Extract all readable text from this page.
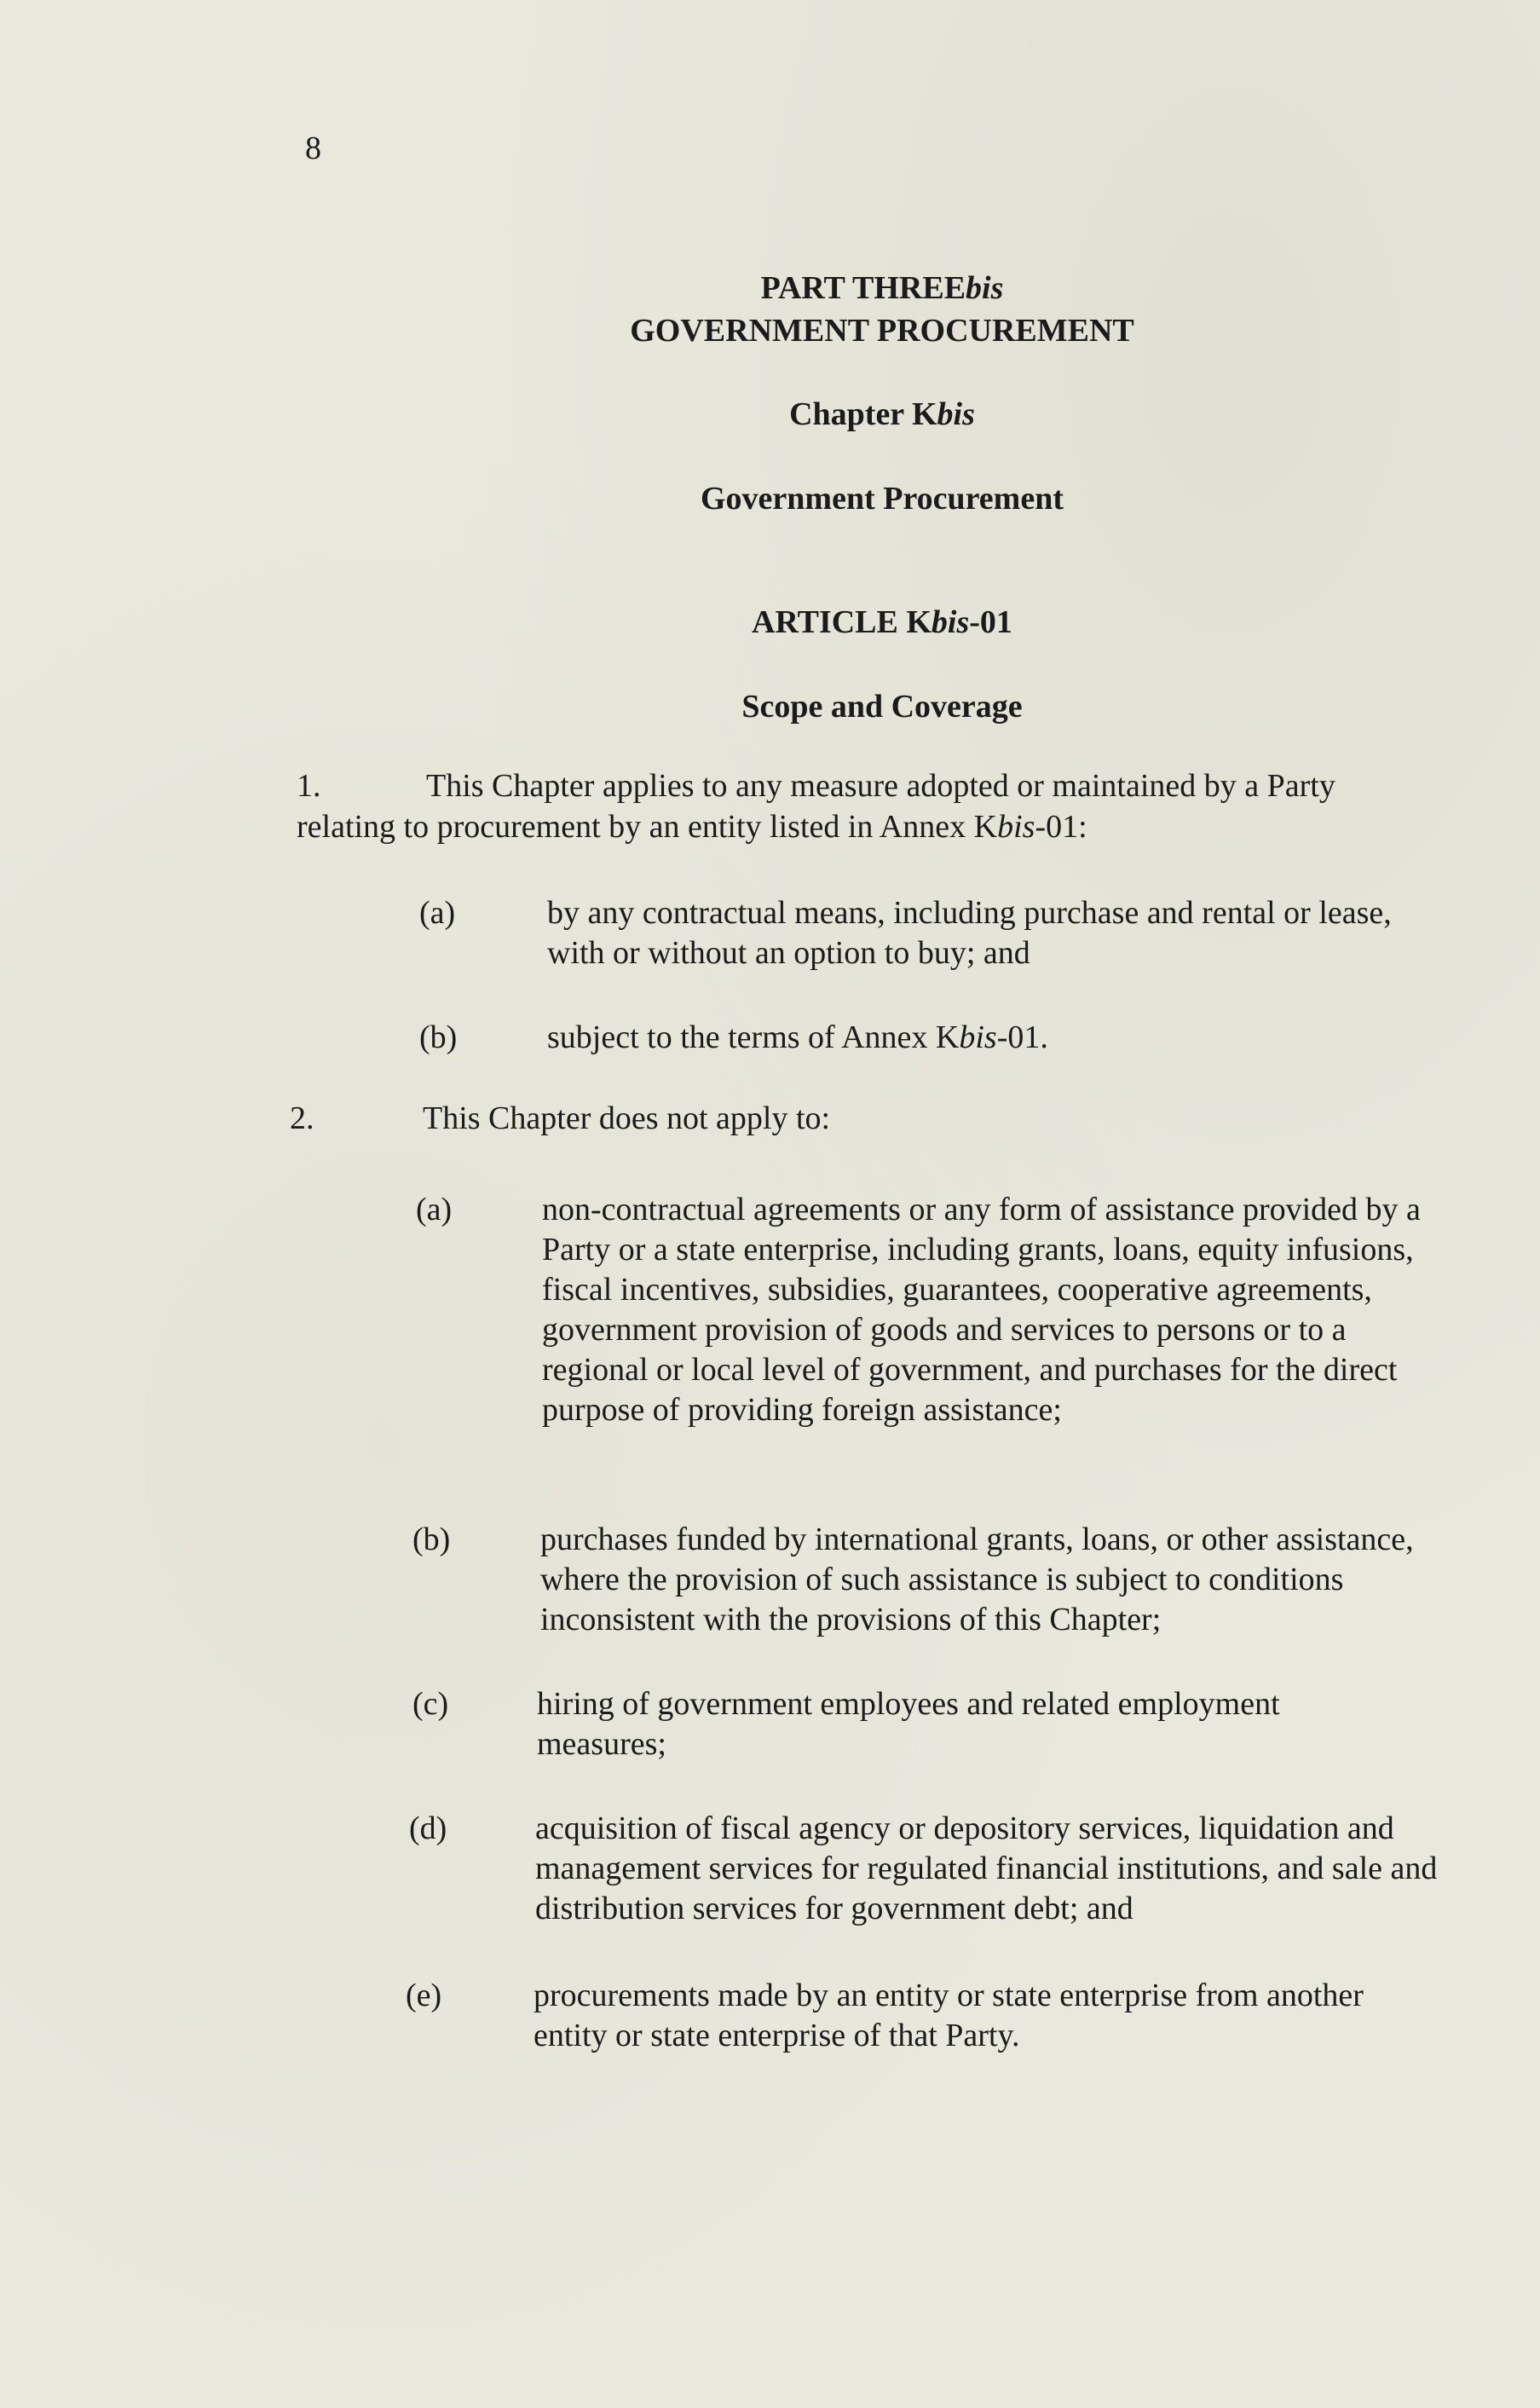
8
PART THREEbis
GOVERNMENT PROCUREMENT
Chapter Kbis
Government Procurement
ARTICLE Kbis-01
Scope and Coverage
1.	This Chapter applies to any measure adopted or maintained by a Party
relating to procurement by an entity listed in Annex Kbis-01:
(a)	by any contractual means, including purchase and rental or lease, with or without an option to buy; and
(b)	subject to the terms of Annex Kbis-01.
2.	This Chapter does not apply to:
(a)	non-contractual agreements or any form of assistance provided by a Party or a state enterprise, including grants, loans, equity infusions, fiscal incentives, subsidies, guarantees, cooperative agreements, government provision of goods and services to persons or to a regional or local level of government, and purchases for the direct purpose of providing foreign assistance;
(b)	purchases funded by international grants, loans, or other assistance, where the provision of such assistance is subject to conditions inconsistent with the provisions of this Chapter;
(c)	hiring of government employees and related employment measures;
(d)	acquisition of fiscal agency or depository services, liquidation and management services for regulated financial institutions, and sale and distribution services for government debt; and
(e)	procurements made by an entity or state enterprise from another entity or state enterprise of that Party.
